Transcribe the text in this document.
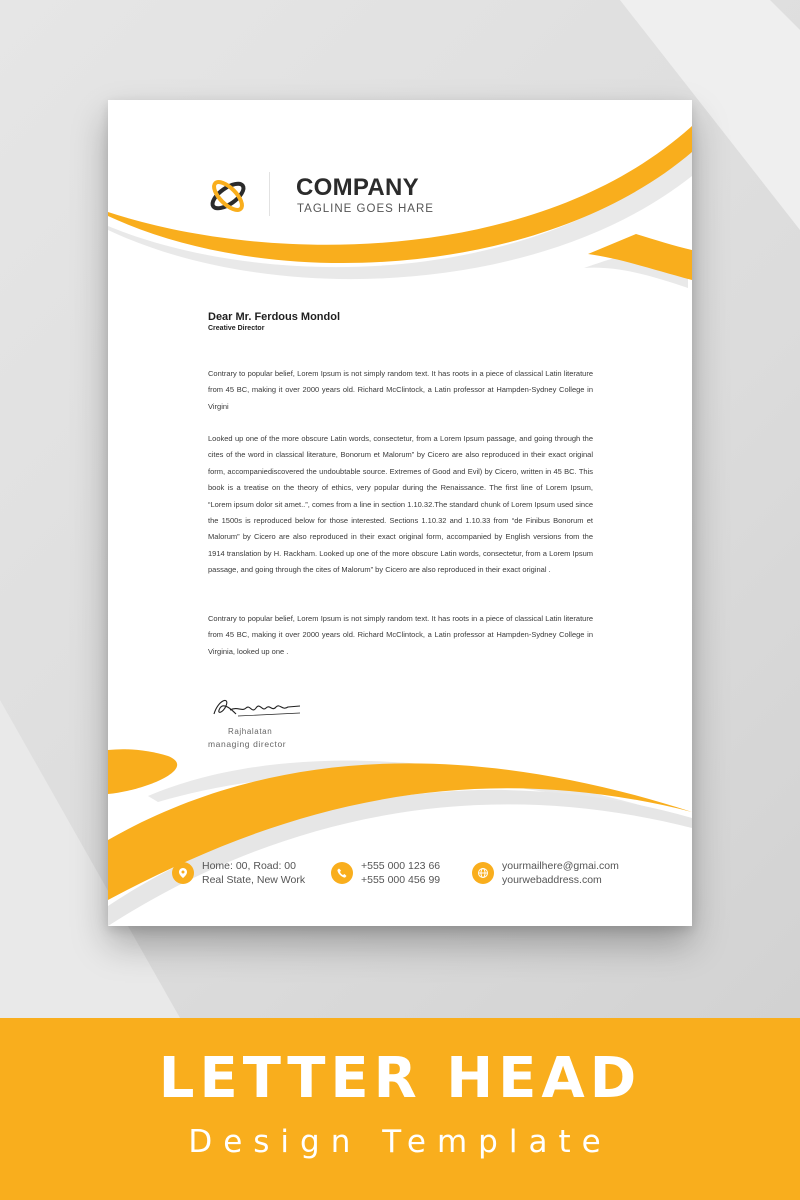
COMPANY
TAGLINE GOES HARE
Dear Mr. Ferdous Mondol
Creative Director

Contrary to popular belief, Lorem Ipsum is not simply random text. It has roots in a piece of classical Latin literature from 45 BC, making it over 2000 years old. Richard McClintock, a Latin professor at Hampden-Sydney College in Virgini

Looked up one of the more obscure Latin words, consectetur, from a Lorem Ipsum passage, and going through the cites of the word in classical literature, Bonorum et Malorum” by Cicero are also reproduced in their exact original form, accompaniediscovered the undoubtable source. Extremes of Good and Evil) by Cicero, written in 45 BC. This book is a treatise on the theory of ethics, very popular during the Renaissance. The first line of Lorem Ipsum, “Lorem ipsum dolor sit amet..”, comes from a line in section 1.10.32.The standard chunk of Lorem Ipsum used since the 1500s is reproduced below for those interested. Sections 1.10.32 and 1.10.33 from “de Finibus Bonorum et Malorum” by Cicero are also reproduced in their exact original form, accompanied by English versions from the 1914 translation by H. Rackham. Looked up one of the more obscure Latin words, consectetur, from a Lorem Ipsum passage, and going through the cites of Malorum” by Cicero are also reproduced in their exact original .

Contrary to popular belief, Lorem Ipsum is not simply random text. It has roots in a piece of classical Latin literature from 45 BC, making it over 2000 years old. Richard McClintock, a Latin professor at Hampden-Sydney College in Virginia, looked up one .

Rajhalatan
managing director
Home: 00, Road: 00
Real State, New Work
+555 000 123 66
+555 000 456 99
yourmailhere@gmai.com
yourwebaddress.com
LETTER HEAD
Design Template
